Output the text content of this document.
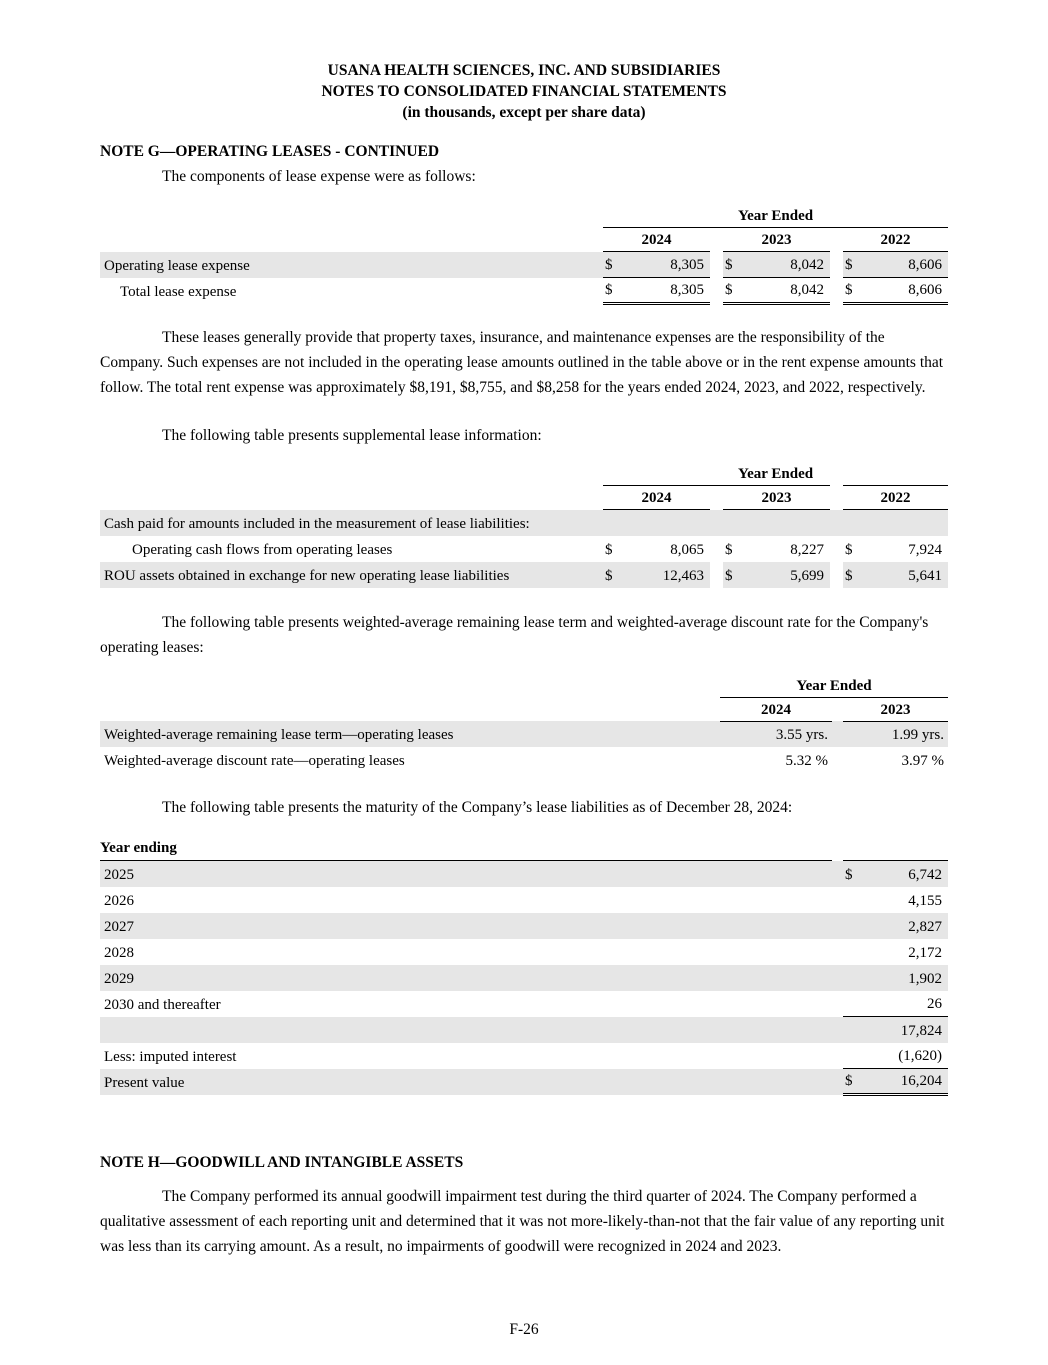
USANA HEALTH SCIENCES, INC. AND SUBSIDIARIES
NOTES TO CONSOLIDATED FINANCIAL STATEMENTS
(in thousands, except per share data)
NOTE G—OPERATING LEASES - CONTINUED

The components of lease expense were as follows:

	Year Ended							

	2024			2023			2022	
Operating lease expense	$	8,305		$	8,042		$	8,606
Total lease expense	$	8,305		$	8,042		$	8,606

These leases generally provide that property taxes, insurance, and maintenance expenses are the responsibility of the Company. Such expenses are not included in the operating lease amounts outlined in the table above or in the rent expense amounts that follow. The total rent expense was approximately $8,191, $8,755, and $8,258 for the years ended 2024, 2023, and 2022, respectively.

The following table presents supplemental lease information:

	Year Ended							

	2024			2023			2022	
Cash paid for amounts included in the measurement of lease liabilities:								
Operating cash flows from operating leases	$	8,065		$	8,227		$	7,924
ROU assets obtained in exchange for new operating lease liabilities	$	12,463		$	5,699		$	5,641

The following table presents weighted-average remaining lease term and weighted-average discount rate for the Company's operating leases:

	Year Ended		

	2024		2023
Weighted-average remaining lease term—operating leases	3.55 yrs.		1.99 yrs.
Weighted-average discount rate—operating leases	5.32 %		3.97 %

The following table presents the maturity of the Company’s lease liabilities as of December 28, 2024:

Year ending			
2025		$	6,742
2026			4,155
2027			2,827
2028			2,172
2029			1,902
2030 and thereafter			26
			17,824
Less: imputed interest			(1,620)
Present value		$	16,204
NOTE H—GOODWILL AND INTANGIBLE ASSETS

The Company performed its annual goodwill impairment test during the third quarter of 2024. The Company performed a qualitative assessment of each reporting unit and determined that it was not more-likely-than-not that the fair value of any reporting unit was less than its carrying amount. As a result, no impairments of goodwill were recognized in 2024 and 2023.

F-26
